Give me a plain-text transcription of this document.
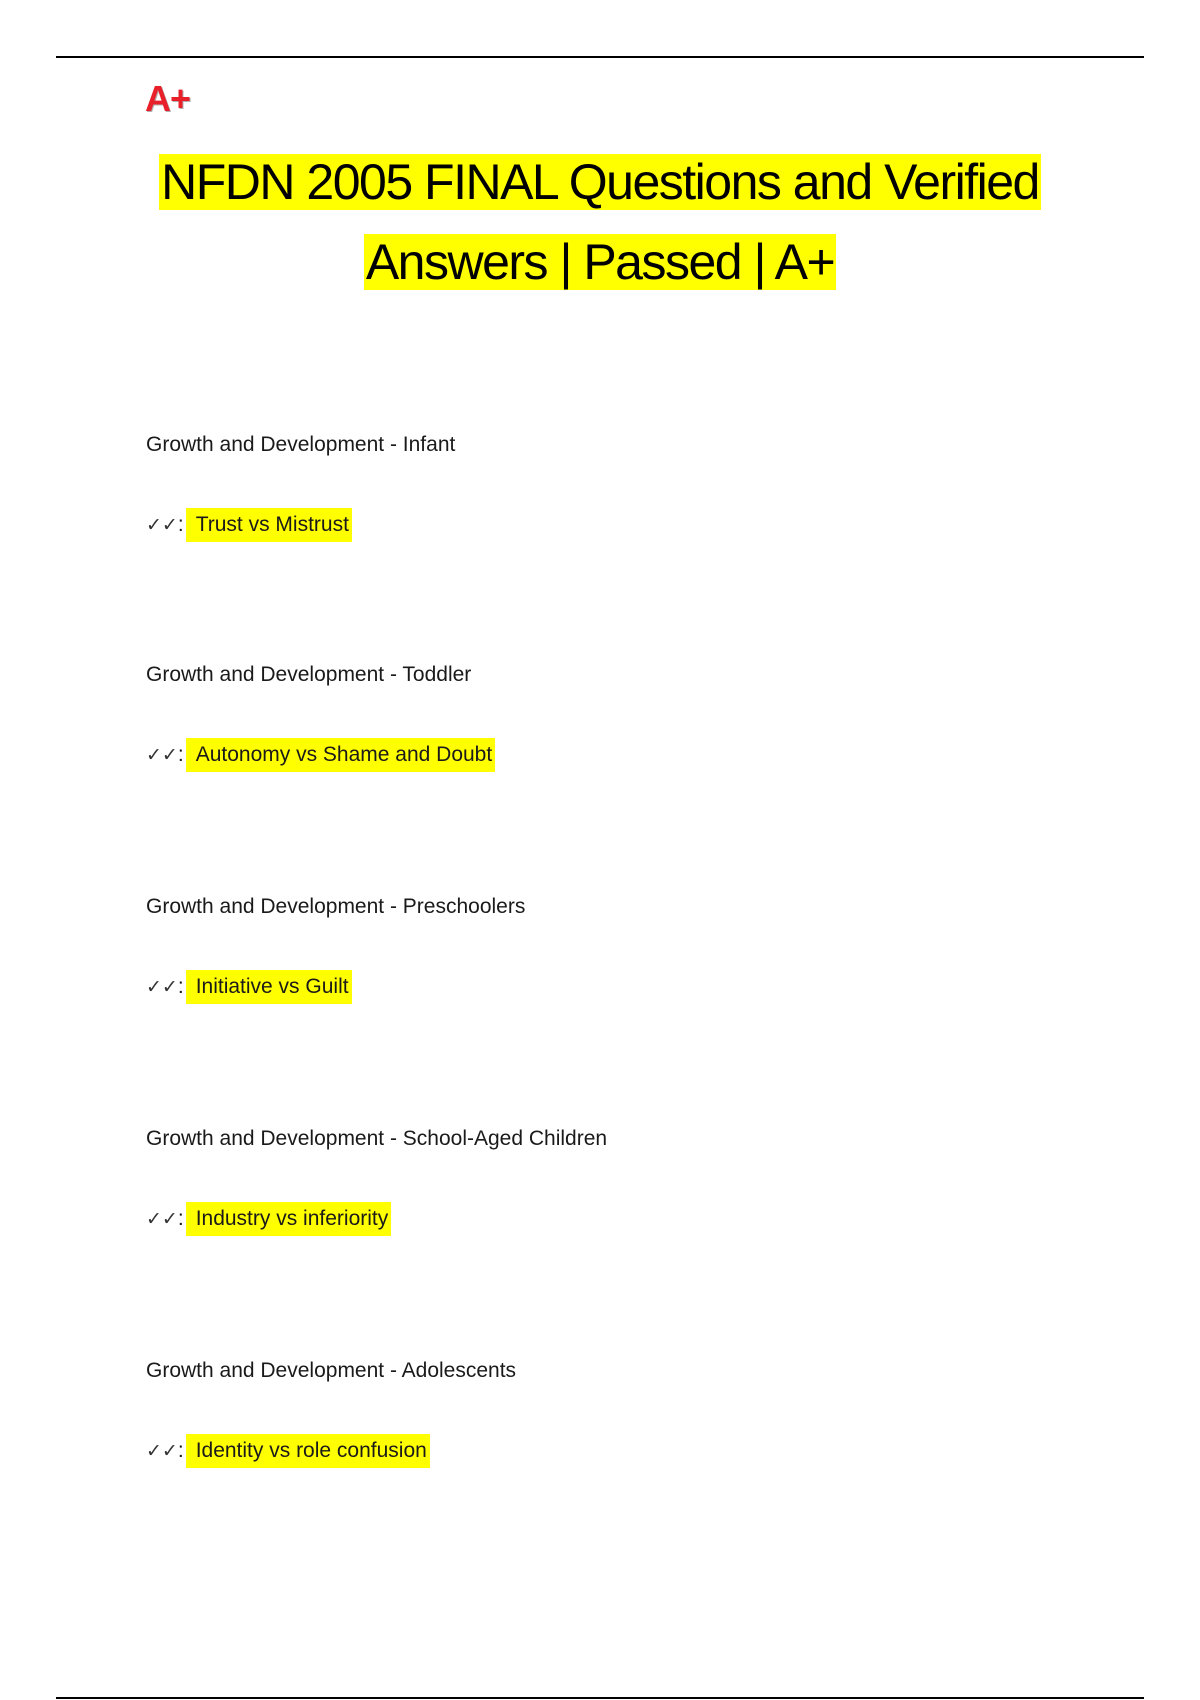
A+
NFDN 2005 FINAL Questions and Verified
Answers | Passed | A+
Growth and Development - Infant
✓✓ : Trust vs Mistrust
Growth and Development - Toddler
✓✓ : Autonomy vs Shame and Doubt
Growth and Development - Preschoolers
✓✓ : Initiative vs Guilt
Growth and Development - School-Aged Children
✓✓ : Industry vs inferiority
Growth and Development - Adolescents
✓✓ : Identity vs role confusion
